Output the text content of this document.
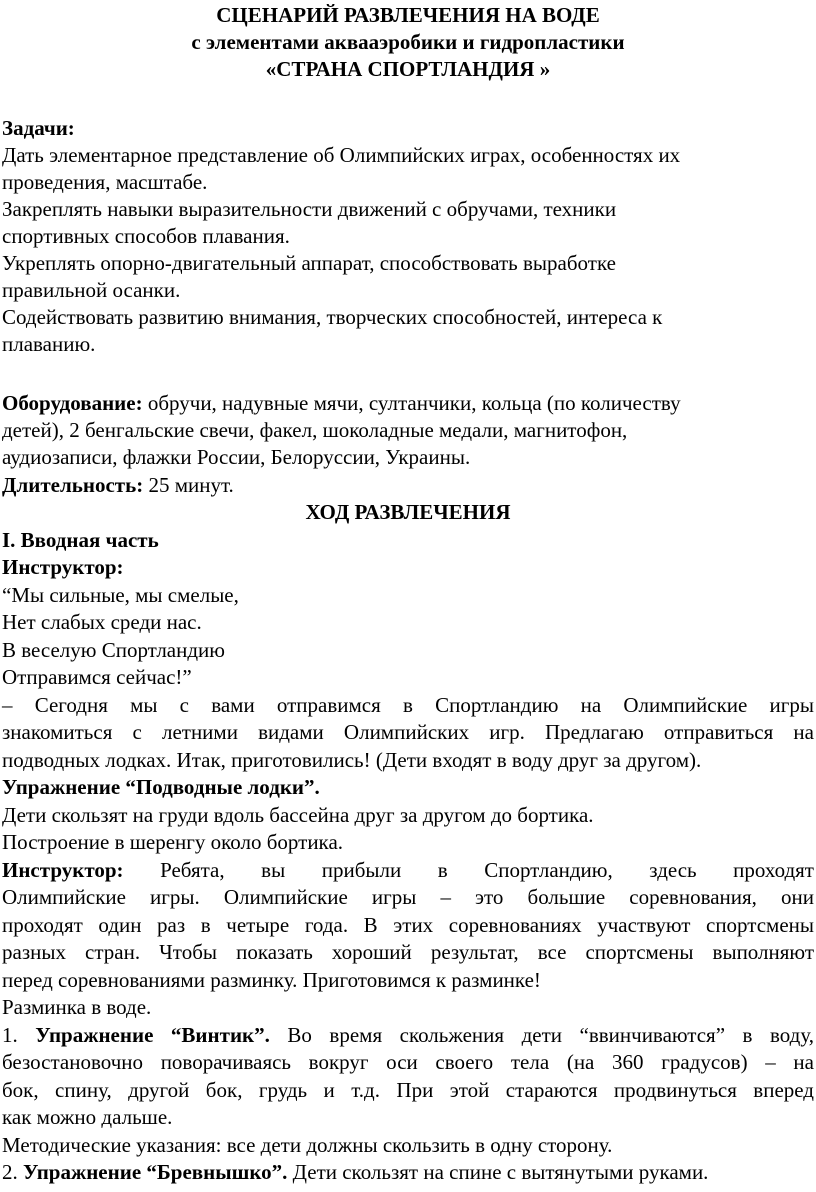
СЦЕНАРИЙ РАЗВЛЕЧЕНИЯ НА ВОДЕ
с элементами аквааэробики и гидропластики
«СТРАНА СПОРТЛАНДИЯ »
Задачи:
Дать элементарное представление об Олимпийских играх, особенностях их
проведения, масштабе.
Закреплять навыки выразительности движений с обручами, техники
спортивных способов плавания.
Укреплять опорно-двигательный аппарат, способствовать выработке
правильной осанки.
Содействовать развитию внимания, творческих способностей, интереса к
плаванию.
Оборудование: обручи, надувные мячи, султанчики, кольца (по количеству
детей), 2 бенгальские свечи, факел, шоколадные медали, магнитофон,
аудиозаписи, флажки России, Белоруссии, Украины.
Длительность: 25 минут.
ХОД РАЗВЛЕЧЕНИЯ
I. Вводная часть
Инструктор:
“Мы сильные, мы смелые,
Нет слабых среди нас.
В веселую Спортландию
Отправимся сейчас!”
– Сегодня мы с вами отправимся в Спортландию на Олимпийские игры
знакомиться с летними видами Олимпийских игр. Предлагаю отправиться на
подводных лодках. Итак, приготовились! (Дети входят в воду друг за другом).
Упражнение “Подводные лодки”.
Дети скользят на груди вдоль бассейна друг за другом до бортика.
Построение в шеренгу около бортика.
Инструктор: Ребята, вы прибыли в Спортландию, здесь проходят
Олимпийские игры. Олимпийские игры – это большие соревнования, они
проходят один раз в четыре года. В этих соревнованиях участвуют спортсмены
разных стран. Чтобы показать хороший результат, все спортсмены выполняют
перед соревнованиями разминку. Приготовимся к разминке!
Разминка в воде.
1. Упражнение “Винтик”. Во время скольжения дети “ввинчиваются” в воду,
безостановочно поворачиваясь вокруг оси своего тела (на 360 градусов) – на
бок, спину, другой бок, грудь и т.д. При этой стараются продвинуться вперед
как можно дальше.
Методические указания: все дети должны скользить в одну сторону.
2. Упражнение “Бревнышко”. Дети скользят на спине с вытянутыми руками.
